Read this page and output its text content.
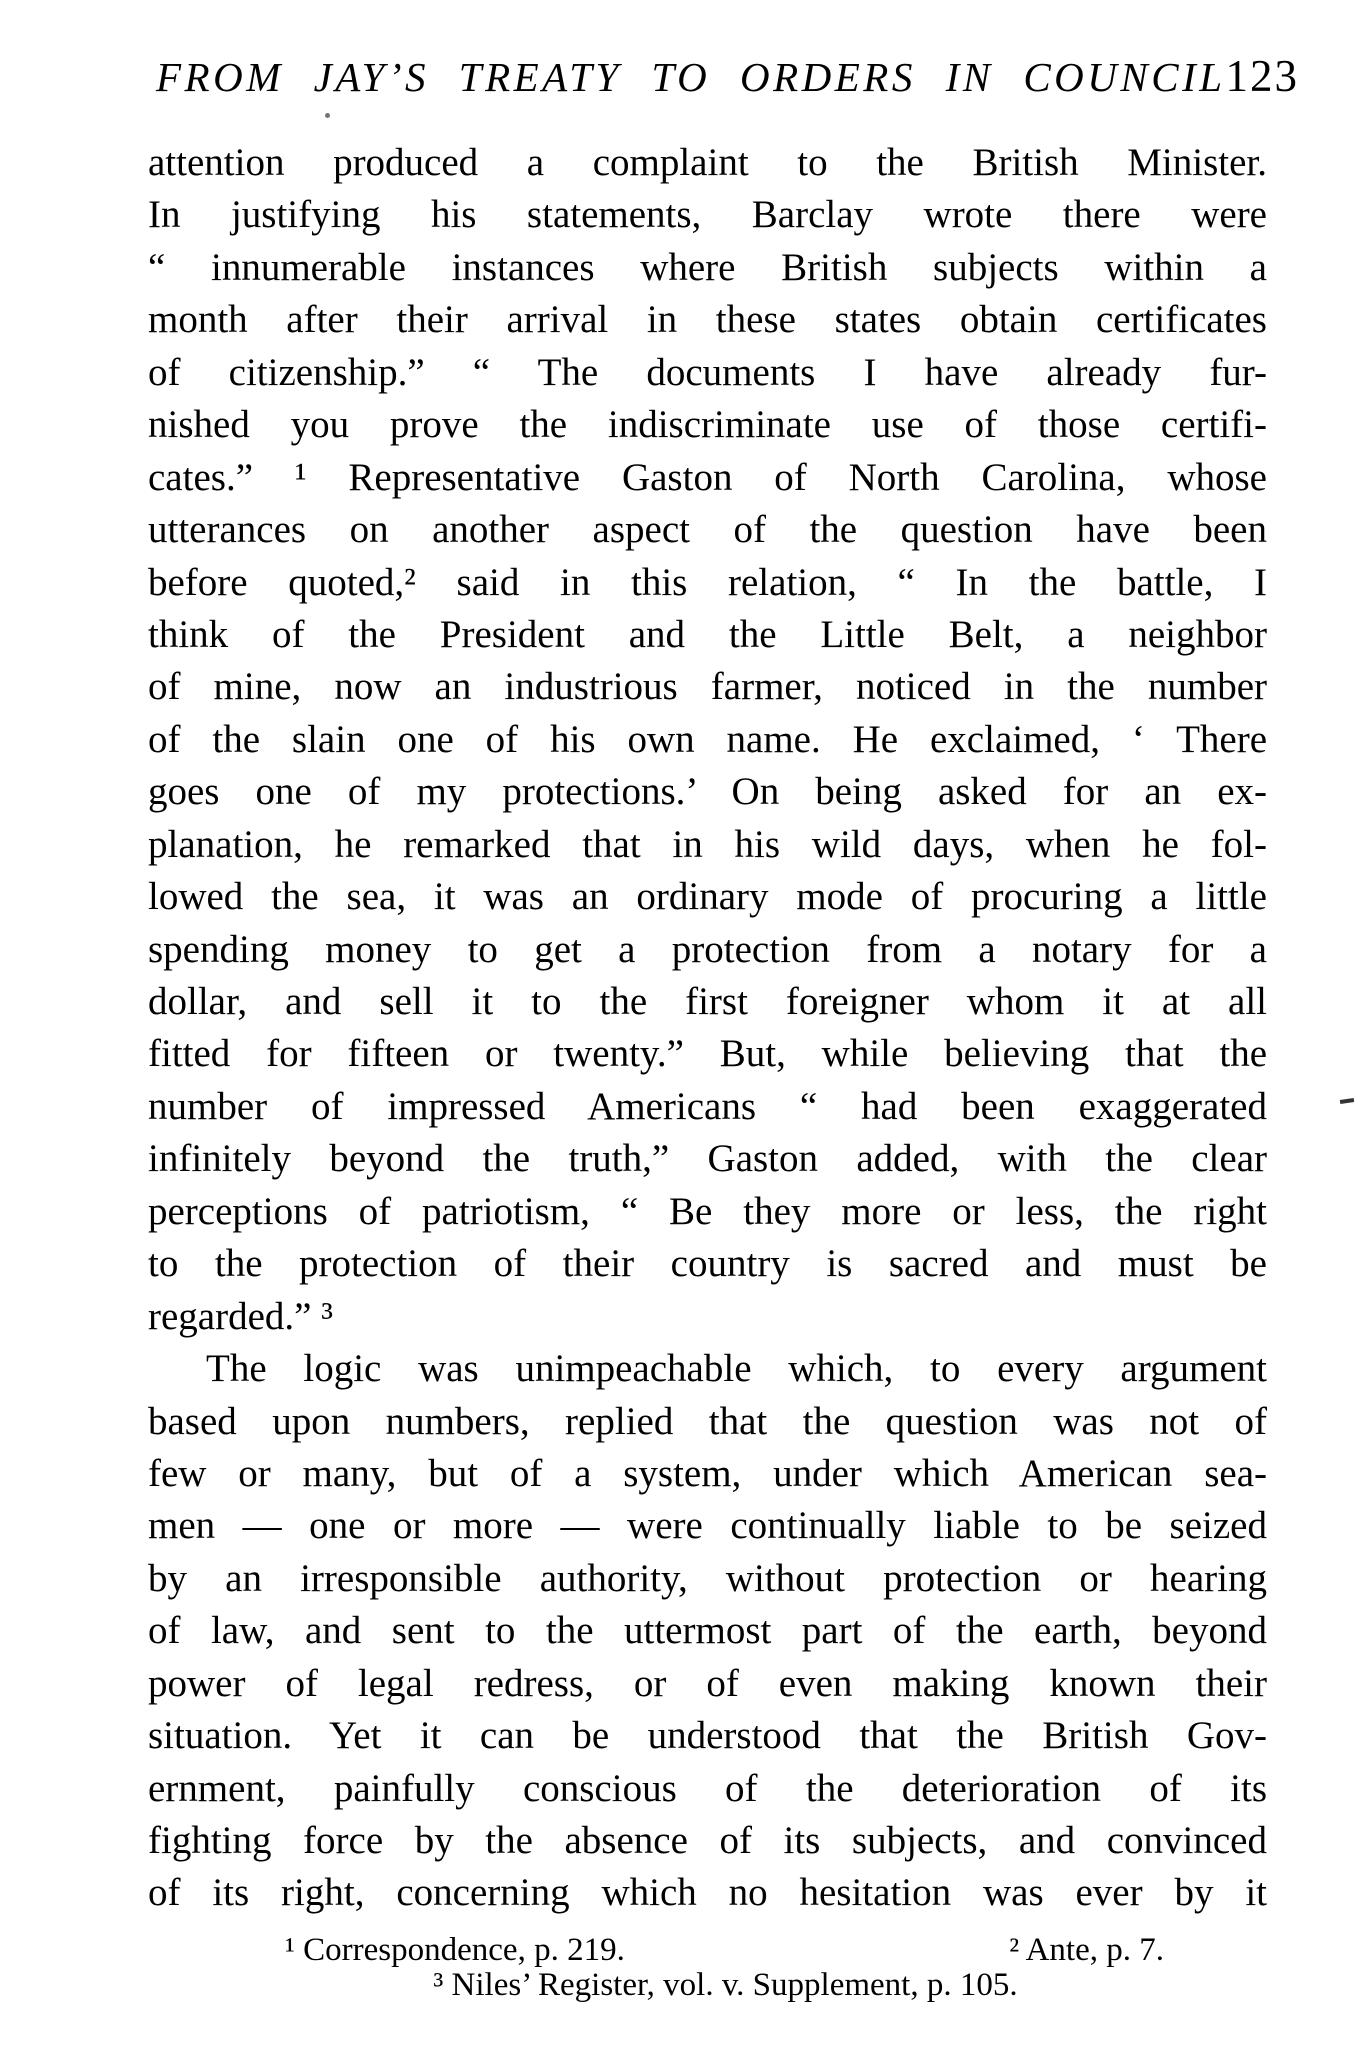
FROM JAY’S TREATY TO ORDERS IN COUNCIL 123
attention produced a complaint to the British Minister.
In justifying his statements, Barclay wrote there were
“ innumerable instances where British subjects within a
month after their arrival in these states obtain certificates
of citizenship.” “ The documents I have already fur-
nished you prove the indiscriminate use of those certifi-
cates.” ¹ Representative Gaston of North Carolina, whose
utterances on another aspect of the question have been
before quoted,² said in this relation, “ In the battle, I
think of the President and the Little Belt, a neighbor
of mine, now an industrious farmer, noticed in the number
of the slain one of his own name. He exclaimed, ‘ There
goes one of my protections.’ On being asked for an ex-
planation, he remarked that in his wild days, when he fol-
lowed the sea, it was an ordinary mode of procuring a little
spending money to get a protection from a notary for a
dollar, and sell it to the first foreigner whom it at all
fitted for fifteen or twenty.” But, while believing that the
number of impressed Americans “ had been exaggerated
infinitely beyond the truth,” Gaston added, with the clear
perceptions of patriotism, “ Be they more or less, the right
to the protection of their country is sacred and must be
regarded.” ³
The logic was unimpeachable which, to every argument
based upon numbers, replied that the question was not of
few or many, but of a system, under which American sea-
men — one or more — were continually liable to be seized
by an irresponsible authority, without protection or hearing
of law, and sent to the uttermost part of the earth, beyond
power of legal redress, or of even making known their
situation. Yet it can be understood that the British Gov-
ernment, painfully conscious of the deterioration of its
fighting force by the absence of its subjects, and convinced
of its right, concerning which no hesitation was ever by it
¹ Correspondence, p. 219.	² Ante, p. 7.
³ Niles’ Register, vol. v. Supplement, p. 105.
